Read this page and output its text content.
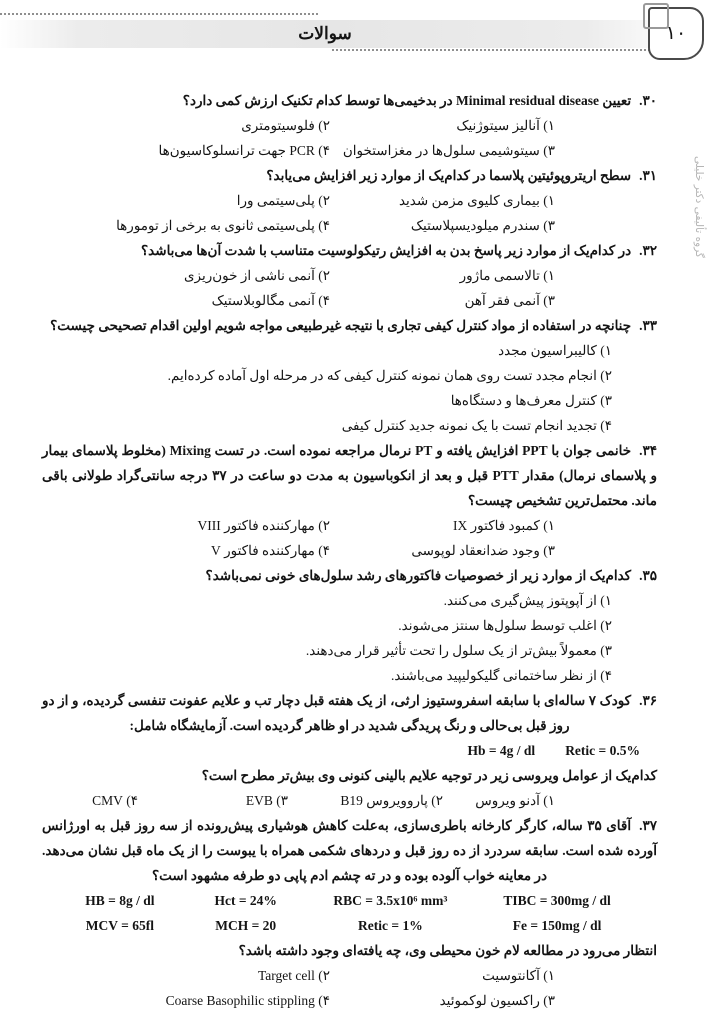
سوالات	۱۰
گروه تألیفی دکتر خلیلی

۳۰.تعیین Minimal residual disease در بدخیمی‌ها توسط کدام تکنیک ارزش کمی دارد؟

۱) آنالیز سیتوژنیک
۲) فلوسیتومتری
۳) سیتوشیمی سلول‌ها در مغزاستخوان
۴) PCR جهت ترانسلوکاسیون‌ها

۳۱.سطح اریتروپوئیتین پلاسما در کدام‌یک از موارد زیر افزایش می‌یابد؟

۱) بیماری کلیوی مزمن شدید
۲) پلی‌سیتمی ورا
۳) سندرم میلودیسپلاستیک
۴) پلی‌سیتمی ثانوی به برخی از تومورها

۳۲.در کدام‌یک از موارد زیر پاسخ بدن به افزایش رتیکولوسیت متناسب با شدت آن‌ها می‌باشد؟

۱) تالاسمی ماژور
۲) آنمی ناشی از خون‌ریزی
۳) آنمی فقر آهن
۴) آنمی مگالوبلاستیک

۳۳.چنانچه در استفاده از مواد کنترل کیفی تجاری با نتیجه غیرطبیعی مواجه شویم اولین اقدام تصحیحی چیست؟

۱) کالیبراسیون مجدد
۲) انجام مجدد تست روی همان نمونه کنترل کیفی که در مرحله اول آماده کرده‌ایم.
۳) کنترل معرف‌ها و دستگاه‌ها
۴) تجدید انجام تست با یک نمونه جدید کنترل کیفی

۳۴.خانمی جوان با PPT افزایش یافته و PT نرمال مراجعه نموده است. در تست Mixing (مخلوط پلاسمای بیمار و پلاسمای نرمال) مقدار PTT قبل و بعد از انکوباسیون به مدت دو ساعت در ۳۷ درجه سانتی‌گراد طولانی باقی ماند. محتمل‌ترین تشخیص چیست؟

۱) کمبود فاکتور IX
۲) مهارکننده فاکتور VIII
۳) وجود ضدانعقاد لوپوسی
۴) مهارکننده فاکتور V

۳۵.کدام‌یک از موارد زیر از خصوصیات فاکتورهای رشد سلول‌های خونی نمی‌باشد؟

۱) از آپوپتوز پیش‌گیری می‌کنند.
۲) اغلب توسط سلول‌ها سنتز می‌شوند.
۳) معمولاً بیش‌تر از یک سلول را تحت تأثیر قرار می‌دهند.
۴) از نظر ساختمانی گلیکولیپید می‌باشند.

۳۶.کودک ۷ ساله‌ای با سابقه اسفروستیوز ارثی، از یک هفته قبل دچار تب و علایم عفونت تنفسی گردیده، و از دو روز قبل بی‌حالی و رنگ پریدگی شدید در او ظاهر گردیده است. آزمایشگاه شامل:

Hb = 4g / dl Retic = 0.5%

کدام‌یک از عوامل ویروسی زیر در توجیه علایم بالینی کنونی وی بیش‌تر مطرح است؟

۱) آدنو ویروس
۲) پاروویروس B19
۳) EVB
۴) CMV

۳۷.آقای ۳۵ ساله، کارگر کارخانه باطری‌سازی، به‌علت کاهش هوشیاری پیش‌رونده از سه روز قبل به اورژانس آورده شده است. سابقه سردرد از ده روز قبل و دردهای شکمی همراه با یبوست را از یک ماه قبل نشان می‌دهد. در معاینه خواب آلوده بوده و در ته چشم ادم پاپی دو طرفه مشهود است؟

HB = 8g / dl	Hct = 24%	RBC = 3.5x10⁶ mm³	TIBC = 300mg / dl
MCV = 65fl	MCH = 20	Retic = 1%	Fe = 150mg / dl

انتظار می‌رود در مطالعه لام خون محیطی وی، چه یافته‌ای وجود داشته باشد؟

۱) آکانتوسیت
۲) Target cell
۳) راکسیون لوکموئید
۴) Coarse Basophilic stippling
